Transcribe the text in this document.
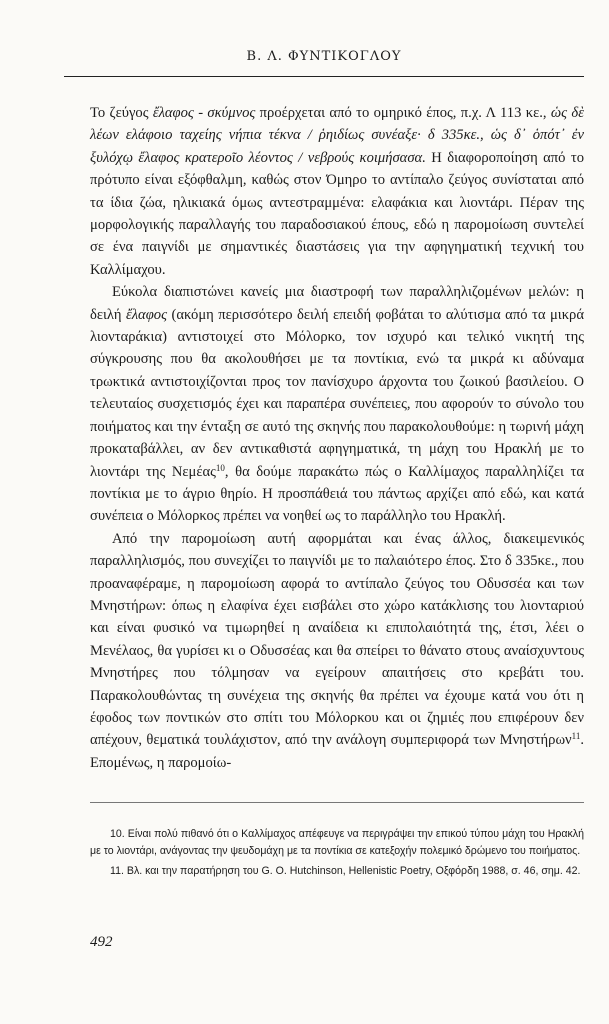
Β. Λ. ΦΥΝΤΙΚΟΓΛΟΥ

Το ζεύγος ἔλαφος - σκύμνος προέρχεται από το ομηρικό έπος, π.χ. Λ 113 κε., ὡς δὲ λέων ελάφοιο ταχείης νήπια τέκνα / ῥηιδίως συνέαξε· δ 335κε., ὡς δ᾽ ὁπότ᾽ ἐν ξυλόχῳ ἔλαφος κρατεροῖο λέοντος / νεβρούς κοιμήσασα. Η διαφοροποίηση από το πρότυπο είναι εξόφθαλμη, καθώς στον Όμηρο το αντίπαλο ζεύγος συνίσταται από τα ίδια ζώα, ηλικιακά όμως αντεστραμμένα: ελαφάκια και λιοντάρι. Πέραν της μορφολογικής παραλλαγής του παραδοσιακού έπους, εδώ η παρομοίωση συντελεί σε ένα παιγνίδι με σημαντικές διαστάσεις για την αφηγηματική τεχνική του Καλλίμαχου.

Εύκολα διαπιστώνει κανείς μια διαστροφή των παραλληλιζομένων μελών: η δειλή ἔλαφος (ακόμη περισσότερο δειλή επειδή φοβάται το αλύτισμα από τα μικρά λιονταράκια) αντιστοιχεί στο Μόλορκο, τον ισχυρό και τελικό νικητή της σύγκρουσης που θα ακολουθήσει με τα ποντίκια, ενώ τα μικρά κι αδύναμα τρωκτικά αντιστοιχίζονται προς τον πανίσχυρο άρχοντα του ζωικού βασιλείου. Ο τελευταίος συσχετισμός έχει και παραπέρα συνέπειες, που αφορούν το σύνολο του ποιήματος και την ένταξη σε αυτό της σκηνής που παρακολουθούμε: η τωρινή μάχη προκαταβάλλει, αν δεν αντικαθιστά αφηγηματικά, τη μάχη του Ηρακλή με το λιοντάρι της Νεμέας$^{10}$, θα δούμε παρακάτω πώς ο Καλλίμαχος παραλληλίζει τα ποντίκια με το άγριο θηρίο. Η προσπάθειά του πάντως αρχίζει από εδώ, και κατά συνέπεια ο Μόλορκος πρέπει να νοηθεί ως το παράλληλο του Ηρακλή.

Από την παρομοίωση αυτή αφορμάται και ένας άλλος, διακειμενικός παραλληλισμός, που συνεχίζει το παιγνίδι με το παλαιότερο έπος. Στο δ 335κε., που προαναφέραμε, η παρομοίωση αφορά το αντίπαλο ζεύγος του Οδυσσέα και των Μνηστήρων: όπως η ελαφίνα έχει εισβάλει στο χώρο κατάκλισης του λιονταριού και είναι φυσικό να τιμωρηθεί η αναίδεια κι επιπολαιότητά της, έτσι, λέει ο Μενέλαος, θα γυρίσει κι ο Οδυσσέας και θα σπείρει το θάνατο στους αναίσχυντους Μνηστήρες που τόλμησαν να εγείρουν απαιτήσεις στο κρεβάτι του. Παρακολουθώντας τη συνέχεια της σκηνής θα πρέπει να έχουμε κατά νου ότι η έφοδος των ποντικών στο σπίτι του Μόλορκου και οι ζημιές που επιφέρουν δεν απέχουν, θεματικά τουλάχιστον, από την ανάλογη συμπεριφορά των Μνηστήρων$^{11}$. Επομένως, η παρομοίω-

10. Είναι πολύ πιθανό ότι ο Καλλίμαχος απέφευγε να περιγράψει την επικού τύπου μάχη του Ηρακλή με το λιοντάρι, ανάγοντας την ψευδομάχη με τα ποντίκια σε κατεξοχήν πολεμικό δρώμενο του ποιήματος.

11. Βλ. και την παρατήρηση του G. O. Hutchinson, Hellenistic Poetry, Οξφόρδη 1988, σ. 46, σημ. 42.

492
